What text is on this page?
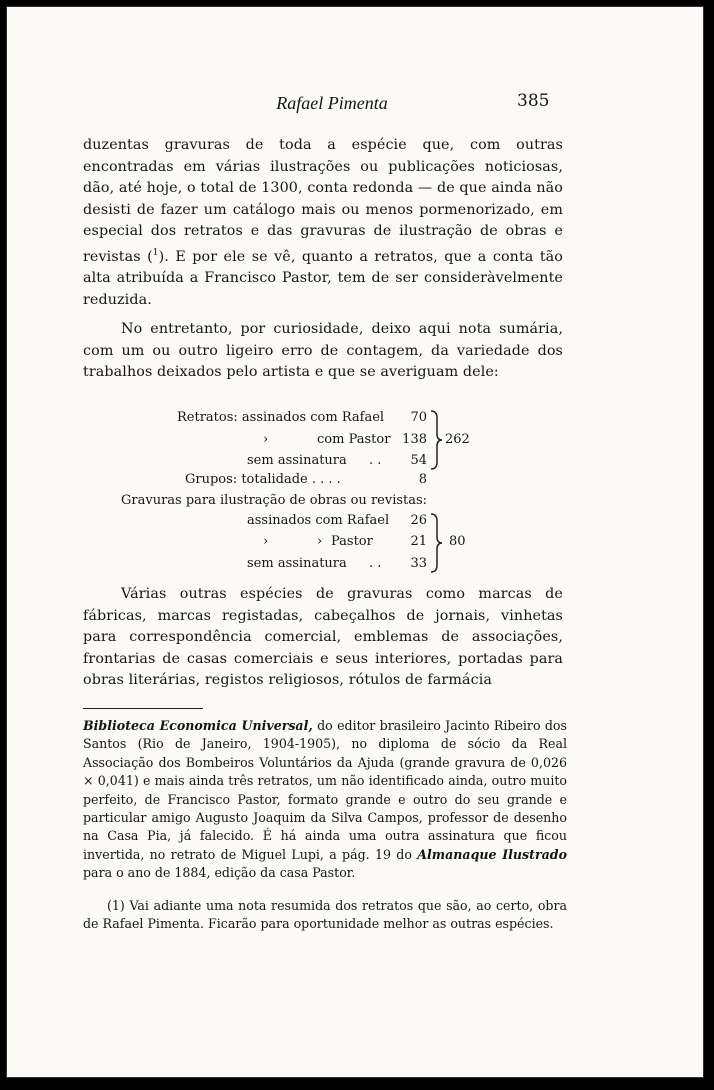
Rafael Pimenta	385
duzentas gravuras de toda a espécie que, com outras encontradas em várias ilustrações ou publicações noticiosas, dão, até hoje, o total de 1300, conta redonda — de que ainda não desisti de fazer um catálogo mais ou menos pormenorizado, em especial dos retratos e das gravuras de ilustração de obras e revistas ($^1$). E por ele se vê, quanto a retratos, que a conta tão alta atribuída a Francisco Pastor, tem de ser consideràvelmente reduzida.
No entretanto, por curiosidade, deixo aqui nota sumária, com um ou outro ligeiro erro de contagem, da variedade dos trabalhos deixados pelo artista e que se averiguam dele:
Retratos: assinados com Rafael	70
›	com Pastor 138
sem assinatura . .	54
262
Grupos: totalidade . . . .	8
Gravuras para ilustração de obras ou revistas:
assinados com Rafael	26
›	› Pastor	21
sem assinatura . .	33
80
Várias outras espécies de gravuras como marcas de fábricas, marcas registadas, cabeçalhos de jornais, vinhetas para correspondência comercial, emblemas de associações, frontarias de casas comerciais e seus interiores, portadas para obras literárias, registos religiosos, rótulos de farmácia
Biblioteca Economica Universal, do editor brasileiro Jacinto Ribeiro dos Santos (Rio de Janeiro, 1904-1905), no diploma de sócio da Real Associação dos Bombeiros Voluntários da Ajuda (grande gravura de 0,026 × 0,041) e mais ainda três retratos, um não identificado ainda, outro muito perfeito, de Francisco Pastor, formato grande e outro do seu grande e particular amigo Augusto Joaquim da Silva Campos, professor de desenho na Casa Pia, já falecido. É há ainda uma outra assinatura que ficou invertida, no retrato de Miguel Lupi, a pág. 19 do Almanaque Ilustrado para o ano de 1884, edição da casa Pastor.
(1) Vai adiante uma nota resumida dos retratos que são, ao certo, obra de Rafael Pimenta. Ficarão para oportunidade melhor as outras espécies.
